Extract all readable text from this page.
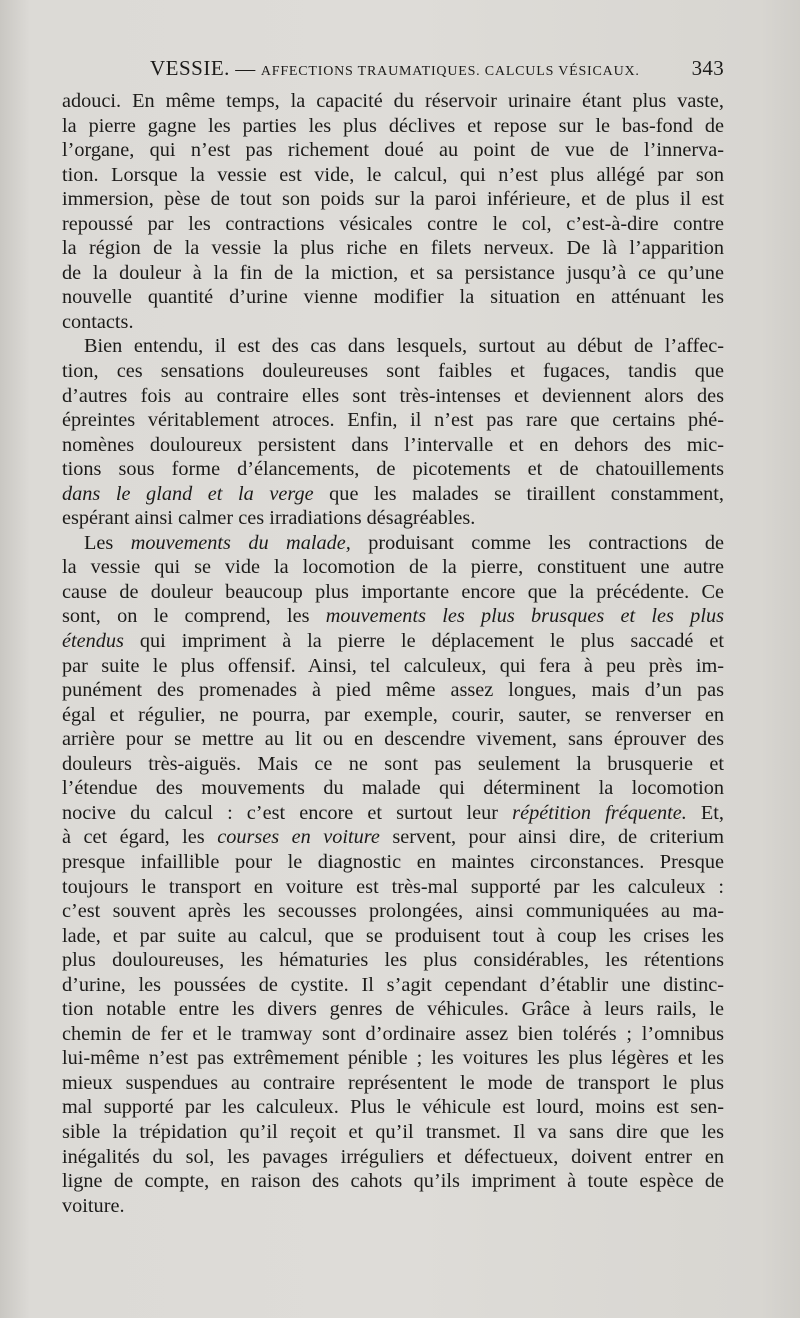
VESSIE. — AFFECTIONS TRAUMATIQUES. CALCULS VÉSICAUX. 343
adouci. En même temps, la capacité du réservoir urinaire étant plus vaste,
la pierre gagne les parties les plus déclives et repose sur le bas-fond de
l’organe, qui n’est pas richement doué au point de vue de l’innerva-
tion. Lorsque la vessie est vide, le calcul, qui n’est plus allégé par son
immersion, pèse de tout son poids sur la paroi inférieure, et de plus il est
repoussé par les contractions vésicales contre le col, c’est-à-dire contre
la région de la vessie la plus riche en filets nerveux. De là l’apparition
de la douleur à la fin de la miction, et sa persistance jusqu’à ce qu’une
nouvelle quantité d’urine vienne modifier la situation en atténuant les
contacts.
Bien entendu, il est des cas dans lesquels, surtout au début de l’affec-
tion, ces sensations douleureuses sont faibles et fugaces, tandis que
d’autres fois au contraire elles sont très-intenses et deviennent alors des
épreintes véritablement atroces. Enfin, il n’est pas rare que certains phé-
nomènes douloureux persistent dans l’intervalle et en dehors des mic-
tions sous forme d’élancements, de picotements et de chatouillements
dans le gland et la verge que les malades se tiraillent constamment,
espérant ainsi calmer ces irradiations désagréables.
Les mouvements du malade, produisant comme les contractions de
la vessie qui se vide la locomotion de la pierre, constituent une autre
cause de douleur beaucoup plus importante encore que la précédente. Ce
sont, on le comprend, les mouvements les plus brusques et les plus
étendus qui impriment à la pierre le déplacement le plus saccadé et
par suite le plus offensif. Ainsi, tel calculeux, qui fera à peu près im-
punément des promenades à pied même assez longues, mais d’un pas
égal et régulier, ne pourra, par exemple, courir, sauter, se renverser en
arrière pour se mettre au lit ou en descendre vivement, sans éprouver des
douleurs très-aiguës. Mais ce ne sont pas seulement la brusquerie et
l’étendue des mouvements du malade qui déterminent la locomotion
nocive du calcul : c’est encore et surtout leur répétition fréquente. Et,
à cet égard, les courses en voiture servent, pour ainsi dire, de criterium
presque infaillible pour le diagnostic en maintes circonstances. Presque
toujours le transport en voiture est très-mal supporté par les calculeux :
c’est souvent après les secousses prolongées, ainsi communiquées au ma-
lade, et par suite au calcul, que se produisent tout à coup les crises les
plus douloureuses, les hématuries les plus considérables, les rétentions
d’urine, les poussées de cystite. Il s’agit cependant d’établir une distinc-
tion notable entre les divers genres de véhicules. Grâce à leurs rails, le
chemin de fer et le tramway sont d’ordinaire assez bien tolérés ; l’omnibus
lui-même n’est pas extrêmement pénible ; les voitures les plus légères et les
mieux suspendues au contraire représentent le mode de transport le plus
mal supporté par les calculeux. Plus le véhicule est lourd, moins est sen-
sible la trépidation qu’il reçoit et qu’il transmet. Il va sans dire que les
inégalités du sol, les pavages irréguliers et défectueux, doivent entrer en
ligne de compte, en raison des cahots qu’ils impriment à toute espèce de
voiture.
